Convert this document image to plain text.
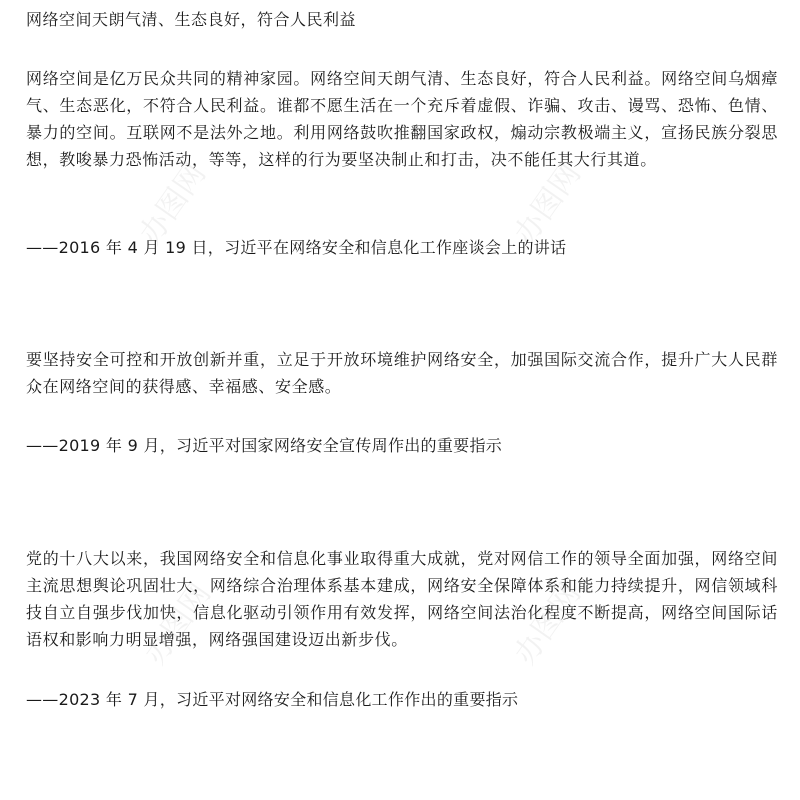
网络空间天朗气清、生态良好，符合人民利益

网络空间是亿万民众共同的精神家园。网络空间天朗气清、生态良好，符合人民利益。网络空间乌烟瘴气、生态恶化，不符合人民利益。谁都不愿生活在一个充斥着虚假、诈骗、攻击、谩骂、恐怖、色情、暴力的空间。互联网不是法外之地。利用网络鼓吹推翻国家政权，煽动宗教极端主义，宣扬民族分裂思想，教唆暴力恐怖活动，等等，这样的行为要坚决制止和打击，决不能任其大行其道。

——2016 年 4 月 19 日，习近平在网络安全和信息化工作座谈会上的讲话

要坚持安全可控和开放创新并重，立足于开放环境维护网络安全，加强国际交流合作，提升广大人民群众在网络空间的获得感、幸福感、安全感。

——2019 年 9 月，习近平对国家网络安全宣传周作出的重要指示

党的十八大以来，我国网络安全和信息化事业取得重大成就，党对网信工作的领导全面加强，网络空间主流思想舆论巩固壮大，网络综合治理体系基本建成，网络安全保障体系和能力持续提升，网信领域科技自立自强步伐加快，信息化驱动引领作用有效发挥，网络空间法治化程度不断提高，网络空间国际话语权和影响力明显增强，网络强国建设迈出新步伐。

——2023 年 7 月，习近平对网络安全和信息化工作作出的重要指示

办图网	办图网
办图网	办图网
